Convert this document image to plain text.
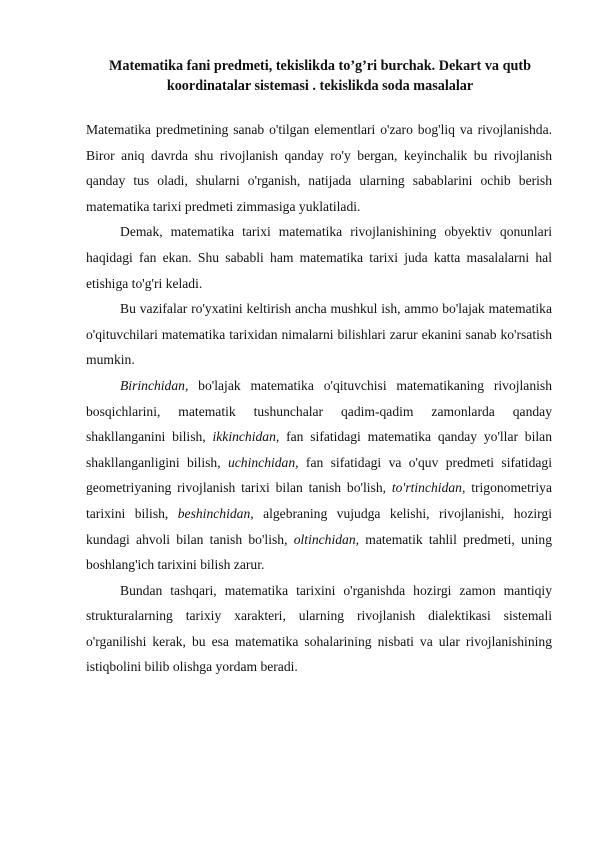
Matematika fani predmeti, tekislikda to’g’ri burchak. Dekart va qutb
koordinatalar sistemasi . tekislikda soda masalalar

Matematika predmetining sanab o'tilgan elementlari o'zaro bog'liq va rivojlanishda. Biror aniq davrda shu rivojlanish qanday ro'y bergan, keyinchalik bu rivojlanish qanday tus oladi, shularni o'rganish, natijada ularning sabablarini ochib berish matematika tarixi predmeti zimmasiga yuklatiladi.

Demak, matematika tarixi matematika rivojlanishining obyektiv qonunlari haqidagi fan ekan. Shu sababli ham matematika tarixi juda katta masalalarni hal etishiga to'g'ri keladi.

Bu vazifalar ro'yxatini keltirish ancha mushkul ish, ammo bo'lajak matematika o'qituvchilari matematika tarixidan nimalarni bilishlari zarur ekanini sanab ko'rsatish mumkin.

Birinchidan, bo'lajak matematika o'qituvchisi matematikaning rivojlanish bosqichlarini, matematik tushunchalar qadim-qadim zamonlarda qanday shakllanganini bilish, ikkinchidan, fan sifatidagi matematika qanday yo'llar bilan shakllanganligini bilish, uchinchidan, fan sifatidagi va o'quv predmeti sifatidagi geometriyaning rivojlanish tarixi bilan tanish bo'lish, to'rtinchidan, trigonometriya tarixini bilish, beshinchidan, algebraning vujudga kelishi, rivojlanishi, hozirgi kundagi ahvoli bilan tanish bo'lish, oltinchidan, matematik tahlil predmeti, uning boshlang'ich tarixini bilish zarur.

Bundan tashqari, matematika tarixini o'rganishda hozirgi zamon mantiqiy strukturalarning tarixiy xarakteri, ularning rivojlanish dialektikasi sistemali o'rganilishi kerak, bu esa matematika sohalarining nisbati va ular rivojlanishining istiqbolini bilib olishga yordam beradi.
